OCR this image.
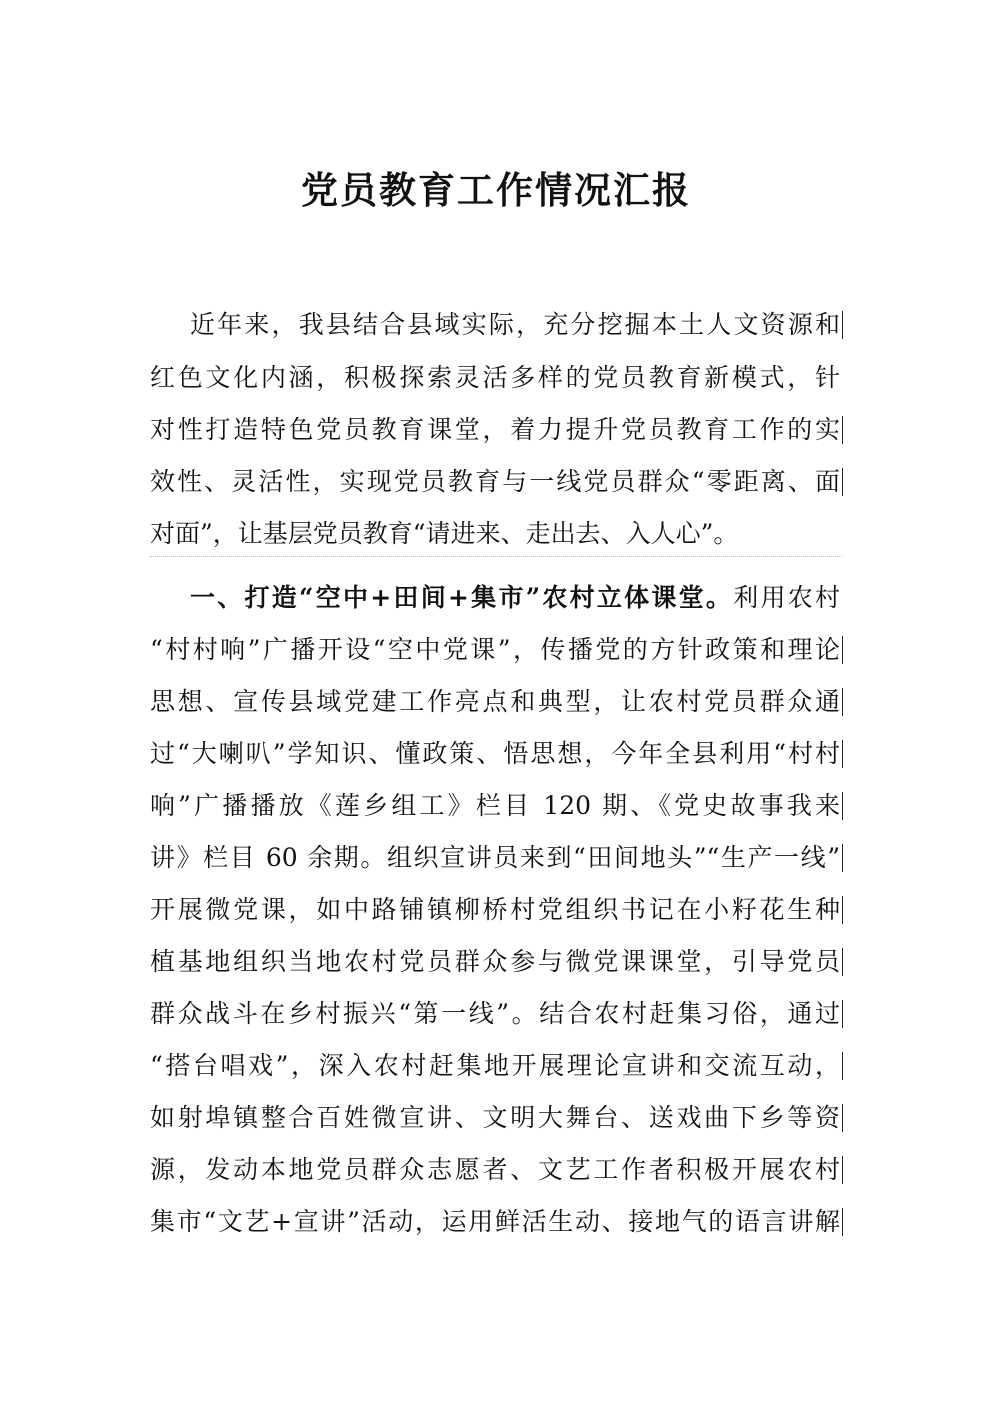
党员教育工作情况汇报
近年来，我县结合县域实际，充分挖掘本土人文资源和
红色文化内涵，积极探索灵活多样的党员教育新模式，针
对性打造特色党员教育课堂，着力提升党员教育工作的实
效性、灵活性，实现党员教育与一线党员群众“零距离、面
对面”，让基层党员教育“请进来、走出去、入人心”。
一、打造“空中+田间+集市”农村立体课堂。利用农村
“村村响”广播开设“空中党课”，传播党的方针政策和理论
思想、宣传县域党建工作亮点和典型，让农村党员群众通
过“大喇叭”学知识、懂政策、悟思想，今年全县利用“村村
响”广播播放《莲乡组工》栏目 120 期、《党史故事我来
讲》栏目 60 余期。组织宣讲员来到“田间地头”“生产一线”
开展微党课，如中路铺镇柳桥村党组织书记在小籽花生种
植基地组织当地农村党员群众参与微党课课堂，引导党员
群众战斗在乡村振兴“第一线”。结合农村赶集习俗，通过
“搭台唱戏”，深入农村赶集地开展理论宣讲和交流互动，
如射埠镇整合百姓微宣讲、文明大舞台、送戏曲下乡等资
源，发动本地党员群众志愿者、文艺工作者积极开展农村
集市“文艺+宣讲”活动，运用鲜活生动、接地气的语言讲解
